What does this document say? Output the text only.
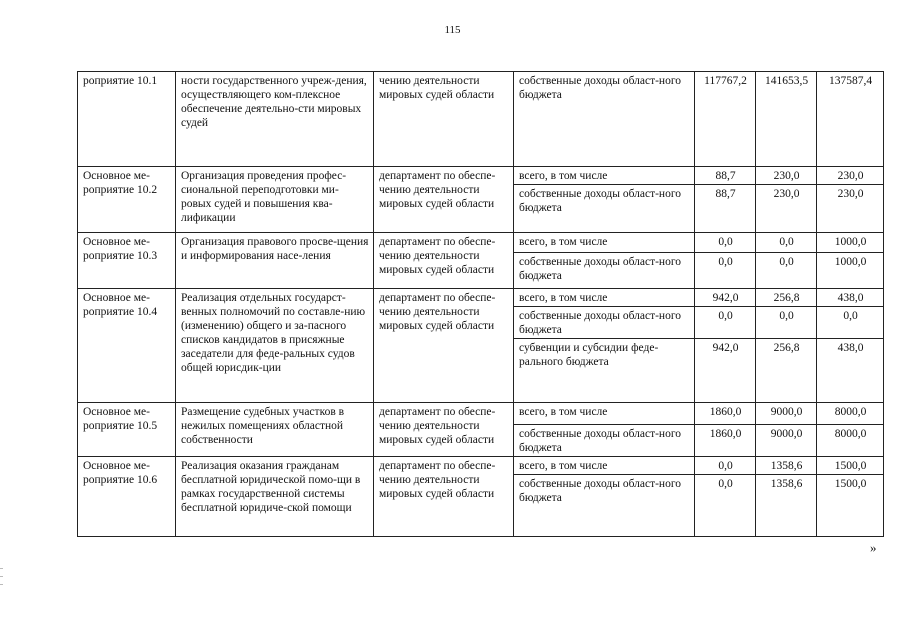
115
роприятие 10.1	ности государственного учреж-дения, осуществляющего ком-плексное обеспечение деятельно-сти мировых судей	чению деятельности мировых судей области	собственные доходы област-ного бюджета	117767,2	141653,5	137587,4
Основное ме-роприятие 10.2	Организация проведения профес-сиональной переподготовки ми-ровых судей и повышения ква-лификации	департамент по обеспе-чению деятельности мировых судей области	всего, в том числе	88,7	230,0	230,0
			собственные доходы област-ного бюджета	88,7	230,0	230,0
Основное ме-роприятие 10.3	Организация правового просве-щения и информирования насе-ления	департамент по обеспе-чению деятельности мировых судей области	всего, в том числе	0,0	0,0	1000,0
			собственные доходы област-ного бюджета	0,0	0,0	1000,0
Основное ме-роприятие 10.4	Реализация отдельных государст-венных полномочий по составле-нию (изменению) общего и за-пасного списков кандидатов в присяжные заседатели для феде-ральных судов общей юрисдик-ции	департамент по обеспе-чению деятельности мировых судей области	всего, в том числе	942,0	256,8	438,0
			собственные доходы област-ного бюджета	0,0	0,0	0,0
			субвенции и субсидии феде-рального бюджета	942,0	256,8	438,0
Основное ме-роприятие 10.5	Размещение судебных участков в нежилых помещениях областной собственности	департамент по обеспе-чению деятельности мировых судей области	всего, в том числе	1860,0	9000,0	8000,0
			собственные доходы област-ного бюджета	1860,0	9000,0	8000,0
Основное ме-роприятие 10.6	Реализация оказания гражданам бесплатной юридической помо-щи в рамках государственной системы бесплатной юридиче-ской помощи	департамент по обеспе-чению деятельности мировых судей области	всего, в том числе	0,0	1358,6	1500,0
			собственные доходы област-ного бюджета	0,0	1358,6	1500,0
»
